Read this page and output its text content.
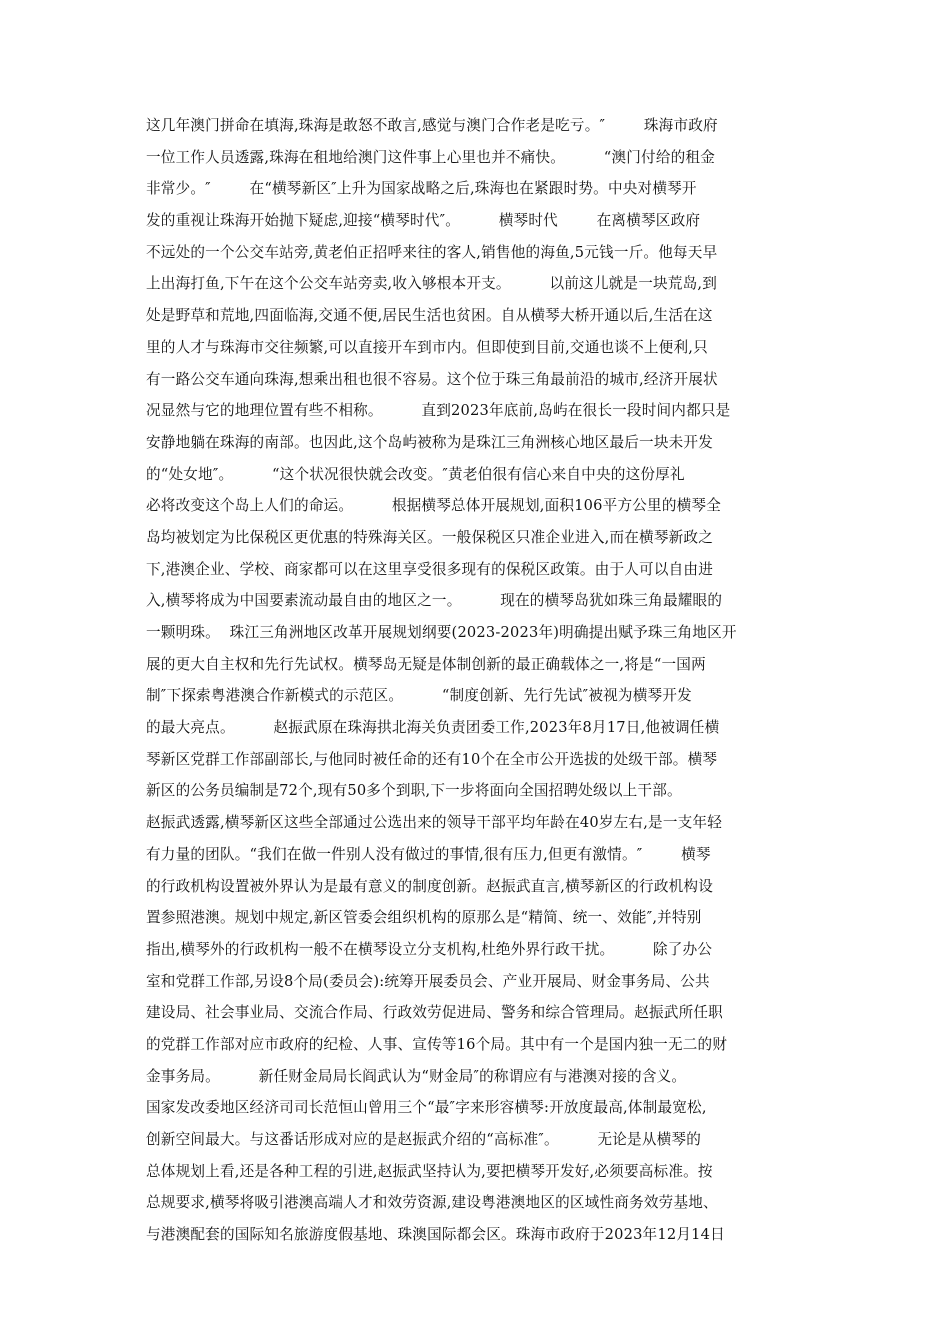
这几年澳门拼命在填海,珠海是敢怒不敢言,感觉与澳门合作老是吃亏。″        珠海市政府
一位工作人员透露,珠海在租地给澳门这件事上心里也并不痛快。        “澳门付给的租金
非常少。″        在“横琴新区″上升为国家战略之后,珠海也在紧跟时势。中央对横琴开
发的重视让珠海开始抛下疑虑,迎接“横琴时代″。        横琴时代        在离横琴区政府
不远处的一个公交车站旁,黄老伯正招呼来往的客人,销售他的海鱼,5元钱一斤。他每天早
上出海打鱼,下午在这个公交车站旁卖,收入够根本开支。        以前这儿就是一块荒岛,到
处是野草和荒地,四面临海,交通不便,居民生活也贫困。自从横琴大桥开通以后,生活在这
里的人才与珠海市交往频繁,可以直接开车到市内。但即使到目前,交通也谈不上便利,只
有一路公交车通向珠海,想乘出租也很不容易。这个位于珠三角最前沿的城市,经济开展状
况显然与它的地理位置有些不相称。        直到2023年底前,岛屿在很长一段时间内都只是
安静地躺在珠海的南部。也因此,这个岛屿被称为是珠江三角洲核心地区最后一块未开发
的“处女地″。        “这个状况很快就会改变。″黄老伯很有信心来自中央的这份厚礼
必将改变这个岛上人们的命运。        根据横琴总体开展规划,面积106平方公里的横琴全
岛均被划定为比保税区更优惠的特殊海关区。一般保税区只准企业进入,而在横琴新政之
下,港澳企业、学校、商家都可以在这里享受很多现有的保税区政策。由于人可以自由进
入,横琴将成为中国要素流动最自由的地区之一。        现在的横琴岛犹如珠三角最耀眼的
一颗明珠。  珠江三角洲地区改革开展规划纲要(2023-2023年)明确提出赋予珠三角地区开
展的更大自主权和先行先试权。横琴岛无疑是体制创新的最正确载体之一,将是“一国两
制″下探索粤港澳合作新模式的示范区。        “制度创新、先行先试″被视为横琴开发
的最大亮点。        赵振武原在珠海拱北海关负责团委工作,2023年8月17日,他被调任横
琴新区党群工作部副部长,与他同时被任命的还有10个在全市公开选拔的处级干部。横琴
新区的公务员编制是72个,现有50多个到职,下一步将面向全国招聘处级以上干部。
赵振武透露,横琴新区这些全部通过公选出来的领导干部平均年龄在40岁左右,是一支年轻
有力量的团队。“我们在做一件别人没有做过的事情,很有压力,但更有激情。″        横琴
的行政机构设置被外界认为是最有意义的制度创新。赵振武直言,横琴新区的行政机构设
置参照港澳。规划中规定,新区管委会组织机构的原那么是“精简、统一、效能″,并特别
指出,横琴外的行政机构一般不在横琴设立分支机构,杜绝外界行政干扰。        除了办公
室和党群工作部,另设8个局(委员会):统筹开展委员会、产业开展局、财金事务局、公共
建设局、社会事业局、交流合作局、行政效劳促进局、警务和综合管理局。赵振武所任职
的党群工作部对应市政府的纪检、人事、宣传等16个局。其中有一个是国内独一无二的财
金事务局。        新任财金局局长阎武认为“财金局″的称谓应有与港澳对接的含义。
国家发改委地区经济司司长范恒山曾用三个“最″字来形容横琴:开放度最高,体制最宽松,
创新空间最大。与这番话形成对应的是赵振武介绍的“高标准″。        无论是从横琴的
总体规划上看,还是各种工程的引进,赵振武坚持认为,要把横琴开发好,必须要高标准。按
总规要求,横琴将吸引港澳高端人才和效劳资源,建设粤港澳地区的区域性商务效劳基地、
与港澳配套的国际知名旅游度假基地、珠澳国际都会区。珠海市政府于2023年12月14日
